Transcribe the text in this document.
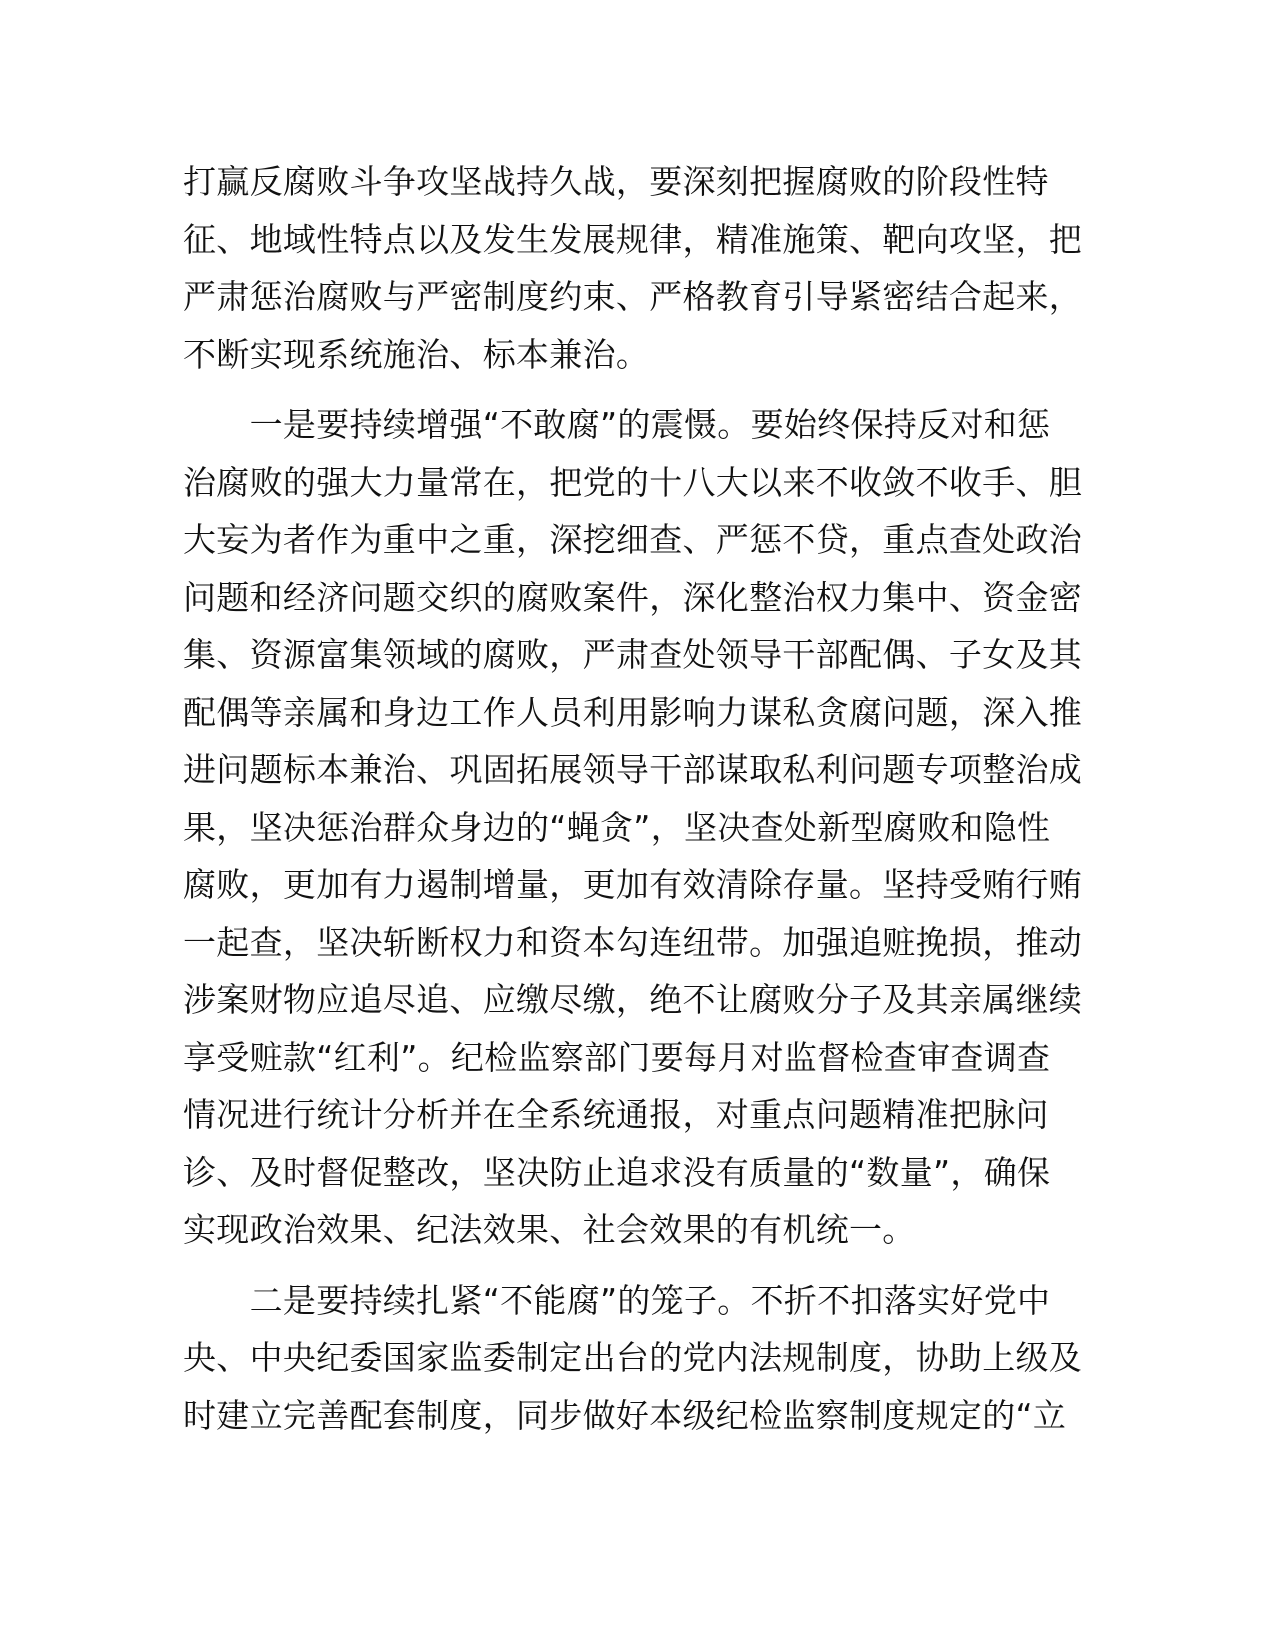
打赢反腐败斗争攻坚战持久战，要深刻把握腐败的阶段性特
征、地域性特点以及发生发展规律，精准施策、靶向攻坚，把
严肃惩治腐败与严密制度约束、严格教育引导紧密结合起来，
不断实现系统施治、标本兼治。
　　一是要持续增强“不敢腐”的震慑。要始终保持反对和惩
治腐败的强大力量常在，把党的十八大以来不收敛不收手、胆
大妄为者作为重中之重，深挖细查、严惩不贷，重点查处政治
问题和经济问题交织的腐败案件，深化整治权力集中、资金密
集、资源富集领域的腐败，严肃查处领导干部配偶、子女及其
配偶等亲属和身边工作人员利用影响力谋私贪腐问题，深入推
进问题标本兼治、巩固拓展领导干部谋取私利问题专项整治成
果，坚决惩治群众身边的“蝇贪”，坚决查处新型腐败和隐性
腐败，更加有力遏制增量，更加有效清除存量。坚持受贿行贿
一起查，坚决斩断权力和资本勾连纽带。加强追赃挽损，推动
涉案财物应追尽追、应缴尽缴，绝不让腐败分子及其亲属继续
享受赃款“红利”。纪检监察部门要每月对监督检查审查调查
情况进行统计分析并在全系统通报，对重点问题精准把脉问
诊、及时督促整改，坚决防止追求没有质量的“数量”，确保
实现政治效果、纪法效果、社会效果的有机统一。
　　二是要持续扎紧“不能腐”的笼子。不折不扣落实好党中
央、中央纪委国家监委制定出台的党内法规制度，协助上级及
时建立完善配套制度，同步做好本级纪检监察制度规定的“立
